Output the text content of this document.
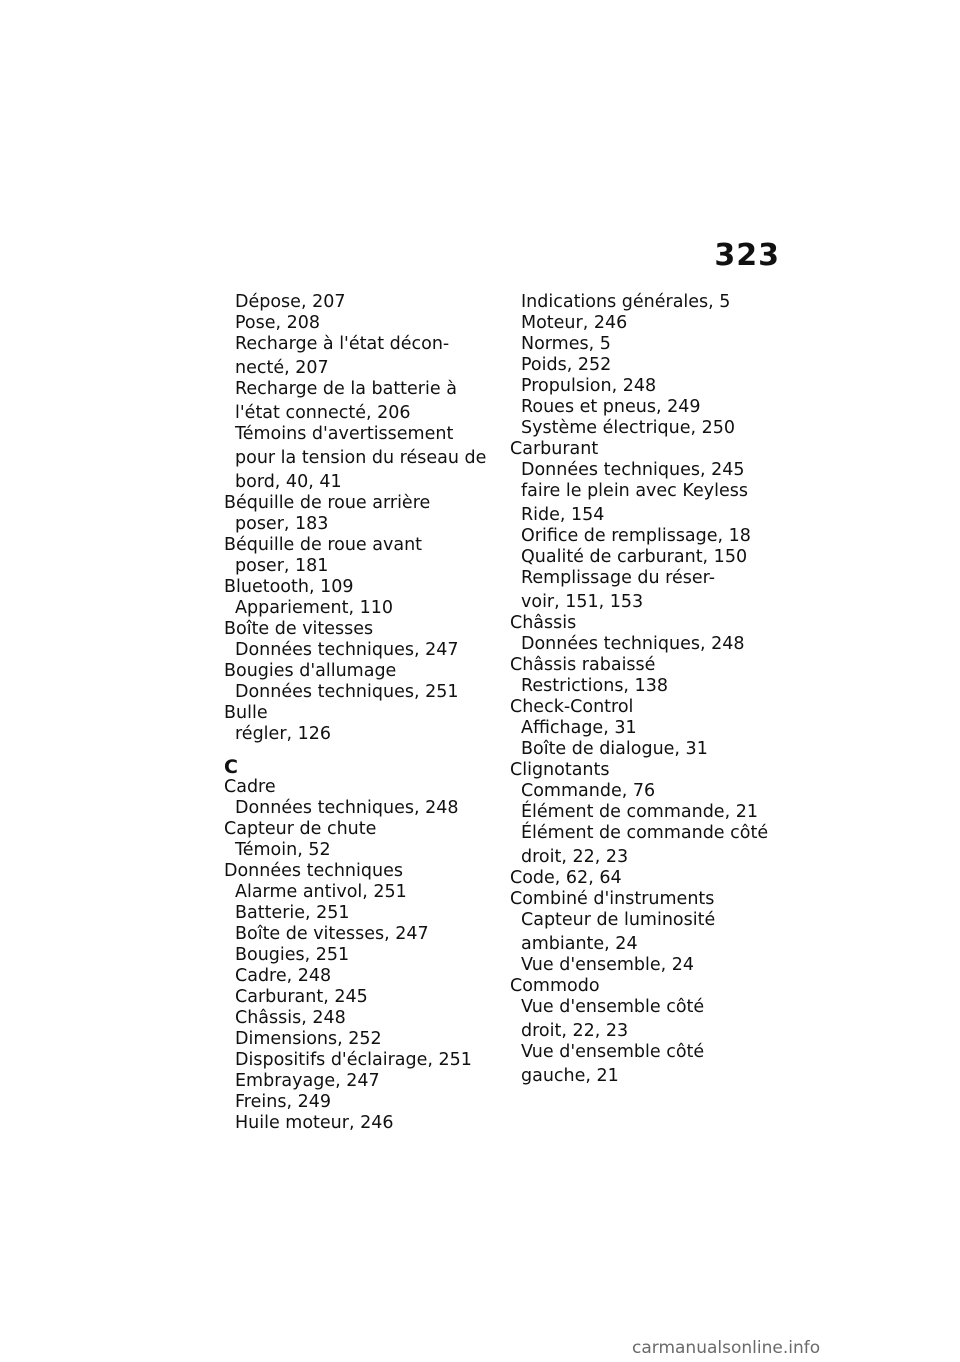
323
Dépose, 207
Pose, 208
Recharge à l'état décon-
necté, 207
Recharge de la batterie à
l'état connecté, 206
Témoins d'avertissement
pour la tension du réseau de
bord, 40, 41
Béquille de roue arrière
poser, 183
Béquille de roue avant
poser, 181
Bluetooth, 109
Appariement, 110
Boîte de vitesses
Données techniques, 247
Bougies d'allumage
Données techniques, 251
Bulle
régler, 126
C
Cadre
Données techniques, 248
Capteur de chute
Témoin, 52
Données techniques
Alarme antivol, 251
Batterie, 251
Boîte de vitesses, 247
Bougies, 251
Cadre, 248
Carburant, 245
Châssis, 248
Dimensions, 252
Dispositifs d'éclairage, 251
Embrayage, 247
Freins, 249
Huile moteur, 246
Indications générales, 5
Moteur, 246
Normes, 5
Poids, 252
Propulsion, 248
Roues et pneus, 249
Système électrique, 250
Carburant
Données techniques, 245
faire le plein avec Keyless
Ride, 154
Orifice de remplissage, 18
Qualité de carburant, 150
Remplissage du réser-
voir, 151, 153
Châssis
Données techniques, 248
Châssis rabaissé
Restrictions, 138
Check-Control
Affichage, 31
Boîte de dialogue, 31
Clignotants
Commande, 76
Élément de commande, 21
Élément de commande côté
droit, 22, 23
Code, 62, 64
Combiné d'instruments
Capteur de luminosité
ambiante, 24
Vue d'ensemble, 24
Commodo
Vue d'ensemble côté
droit, 22, 23
Vue d'ensemble côté
gauche, 21
carmanualsonline.info
